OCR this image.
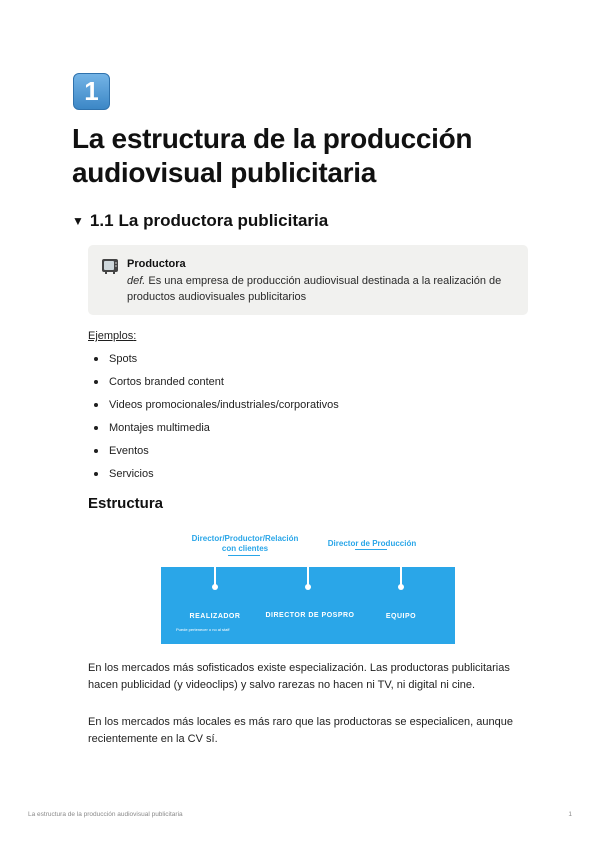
1
La estructura de la producción audiovisual publicitaria
▼ 1.1 La productora publicitaria
Productora
def. Es una empresa de producción audiovisual destinada a la realización de productos audiovisuales publicitarios
Ejemplos:
Spots
Cortos branded content
Videos promocionales/industriales/corporativos
Montajes multimedia
Eventos
Servicios
Estructura
Director/Productor/Relación con clientes
Director de Producción
REALIZADOR
Puede pertenecer o no al staff
DIRECTOR DE POSPRO	EQUIPO

En los mercados más sofisticados existe especialización. Las productoras publicitarias hacen publicidad (y videoclips) y salvo rarezas no hacen ni TV, ni digital ni cine.

En los mercados más locales es más raro que las productoras se especialicen, aunque recientemente en la CV sí.

La estructura de la producción audiovisual publicitaria	1
